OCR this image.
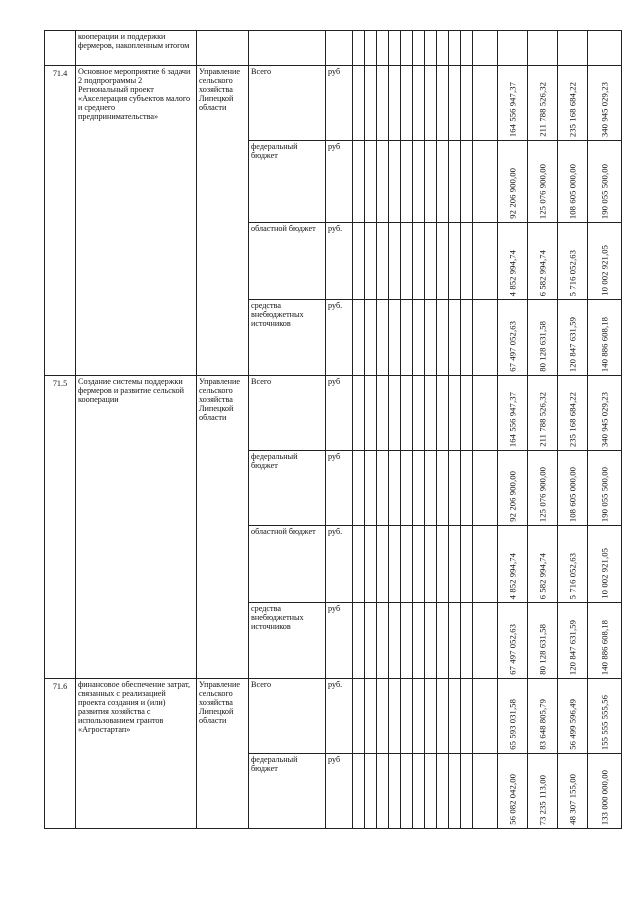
	кооперации и поддержки фермеров, накопленным итогом																		
71.4	Основное мероприятие 6 задачи 2 подпрограммы 2 Региональный проект «Акселерация субъектов малого и среднего предпринимательства»	Управление сельского хозяйства Липецкой области	Всего	руб												164 556 947,37	211 788 526,32	235 168 684,22	340 945 029,23

			федеральный бюджет	руб												92 206 900,00	125 076 900,00	108 605 000,00	190 055 500,00

			областной бюджет	руб.												4 852 994,74	6 582 994,74	5 716 052,63	10 002 921,05

			средства внебюджетных источников	руб.												67 497 052,63	80 128 631,58	120 847 631,59	140 886 608,18

71.5	Создание системы поддержки фермеров и развитие сельской кооперации	Управление сельского хозяйства Липецкой области	Всего	руб												164 556 947,37	211 788 526,32	235 168 684,22	340 945 029,23

			федеральный бюджет	руб												92 206 900,00	125 076 900,00	108 605 000,00	190 055 500,00

			областной бюджет	руб.												4 852 994,74	6 582 994,74	5 716 052,63	10 002 921,05

			средства внебюджетных источников	руб												67 497 052,63	80 128 631,58	120 847 631,59	140 886 608,18

71.6	финансовое обеспечение затрат, связанных с реализацией проекта создания и (или) развития хозяйства с использованием грантов «Агростартап»	Управление сельского хозяйства Липецкой области	Всего	руб.												65 593 031,58	83 648 805,79	56 499 596,49	155 555 555,56

			федеральный бюджет	руб												56 082 042,00	73 235 113,00	48 307 155,00	133 000 000,00
